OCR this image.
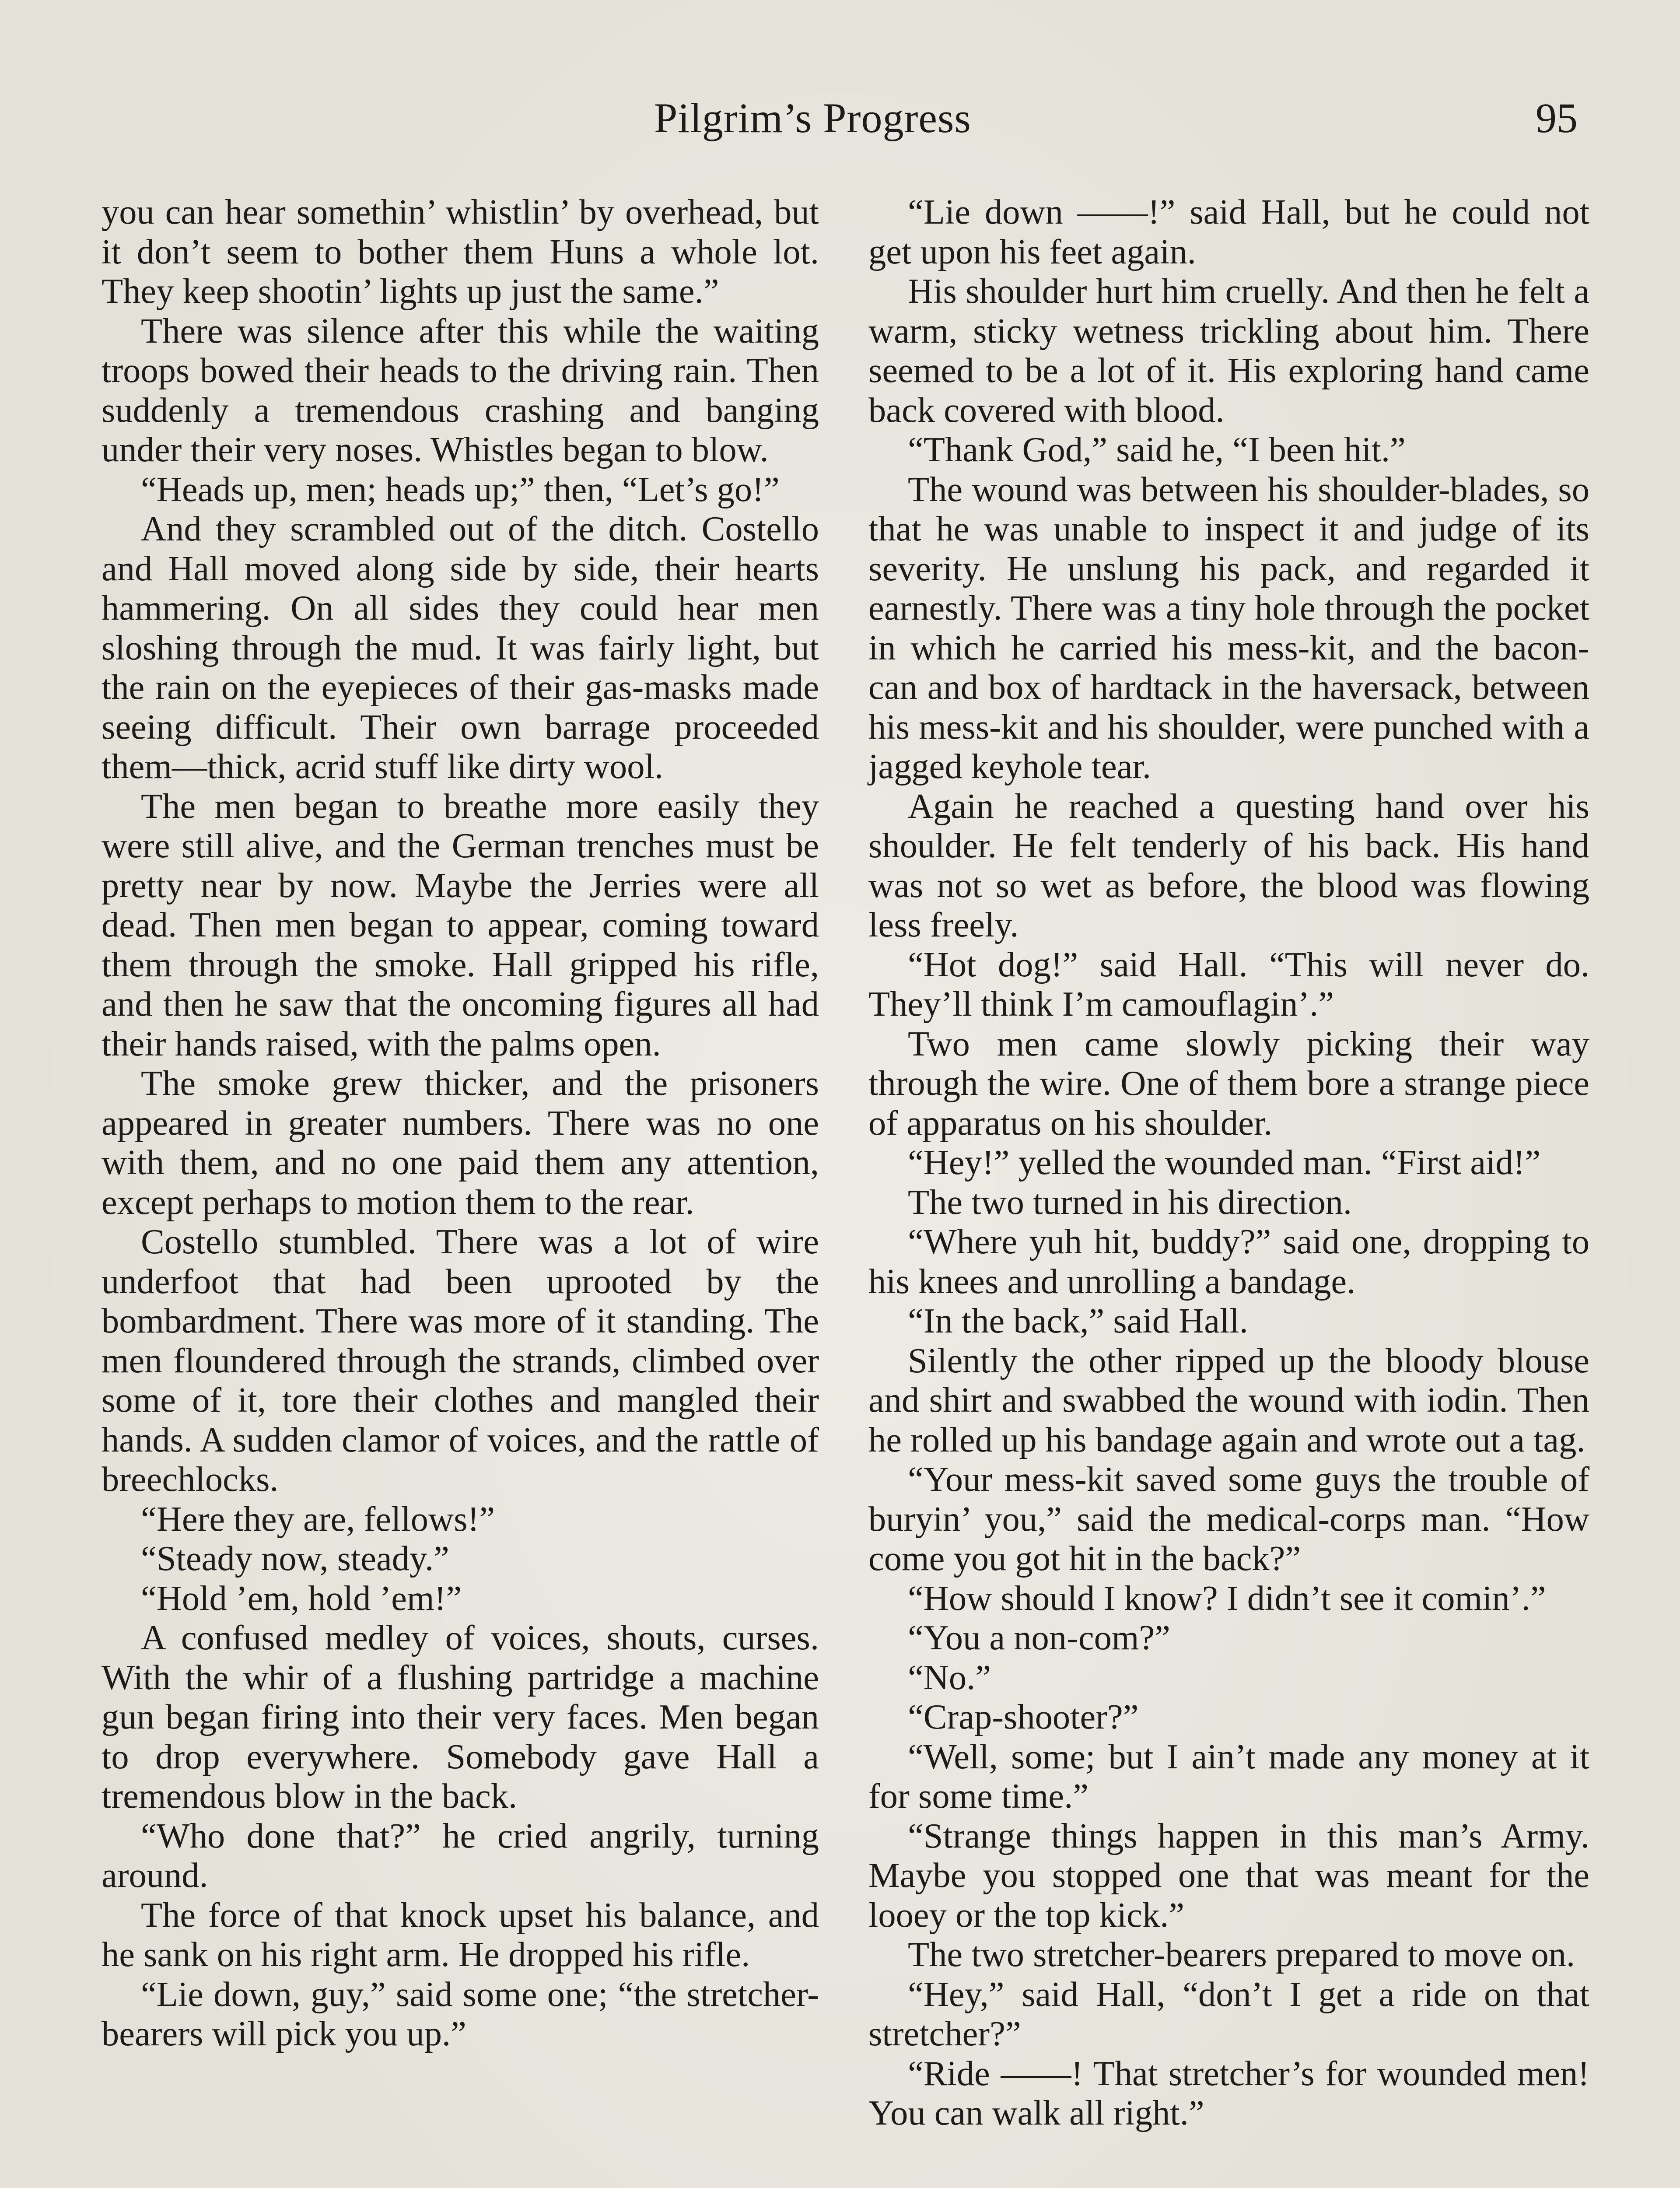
Pilgrim’s Progress	95

you can hear somethin’ whistlin’ by overhead, but it don’t seem to bother them Huns a whole lot. They keep shootin’ lights up just the same.”

There was silence after this while the waiting troops bowed their heads to the driving rain. Then suddenly a tremendous crashing and banging under their very noses. Whistles began to blow.

“Heads up, men; heads up;” then, “Let’s go!”

And they scrambled out of the ditch. Costello and Hall moved along side by side, their hearts hammering. On all sides they could hear men sloshing through the mud. It was fairly light, but the rain on the eyepieces of their gas-masks made seeing difficult. Their own barrage proceeded them—thick, acrid stuff like dirty wool.

The men began to breathe more easily they were still alive, and the German trenches must be pretty near by now. Maybe the Jerries were all dead. Then men began to appear, coming toward them through the smoke. Hall gripped his rifle, and then he saw that the oncoming figures all had their hands raised, with the palms open.

The smoke grew thicker, and the prisoners appeared in greater numbers. There was no one with them, and no one paid them any attention, except perhaps to motion them to the rear.

Costello stumbled. There was a lot of wire underfoot that had been uprooted by the bombardment. There was more of it standing. The men floundered through the strands, climbed over some of it, tore their clothes and mangled their hands. A sudden clamor of voices, and the rattle of breechlocks.

“Here they are, fellows!”

“Steady now, steady.”

“Hold ’em, hold ’em!”

A confused medley of voices, shouts, curses. With the whir of a flushing partridge a machine gun began firing into their very faces. Men began to drop everywhere. Somebody gave Hall a tremendous blow in the back.

“Who done that?” he cried angrily, turning around.

The force of that knock upset his balance, and he sank on his right arm. He dropped his rifle.

“Lie down, guy,” said some one; “the stretcher-bearers will pick you up.”

“Lie down ——!” said Hall, but he could not get upon his feet again.

His shoulder hurt him cruelly. And then he felt a warm, sticky wetness trickling about him. There seemed to be a lot of it. His exploring hand came back covered with blood.

“Thank God,” said he, “I been hit.”

The wound was between his shoulder-blades, so that he was unable to inspect it and judge of its severity. He unslung his pack, and regarded it earnestly. There was a tiny hole through the pocket in which he carried his mess-kit, and the bacon-can and box of hardtack in the haversack, between his mess-kit and his shoulder, were punched with a jagged keyhole tear.

Again he reached a questing hand over his shoulder. He felt tenderly of his back. His hand was not so wet as before, the blood was flowing less freely.

“Hot dog!” said Hall. “This will never do. They’ll think I’m camouflagin’.”

Two men came slowly picking their way through the wire. One of them bore a strange piece of apparatus on his shoulder.

“Hey!” yelled the wounded man. “First aid!”

The two turned in his direction.

“Where yuh hit, buddy?” said one, dropping to his knees and unrolling a bandage.

“In the back,” said Hall.

Silently the other ripped up the bloody blouse and shirt and swabbed the wound with iodin. Then he rolled up his bandage again and wrote out a tag.

“Your mess-kit saved some guys the trouble of buryin’ you,” said the medical-corps man. “How come you got hit in the back?”

“How should I know? I didn’t see it comin’.”

“You a non-com?”

“No.”

“Crap-shooter?”

“Well, some; but I ain’t made any money at it for some time.”

“Strange things happen in this man’s Army. Maybe you stopped one that was meant for the looey or the top kick.”

The two stretcher-bearers prepared to move on.

“Hey,” said Hall, “don’t I get a ride on that stretcher?”

“Ride ——! That stretcher’s for wounded men! You can walk all right.”
